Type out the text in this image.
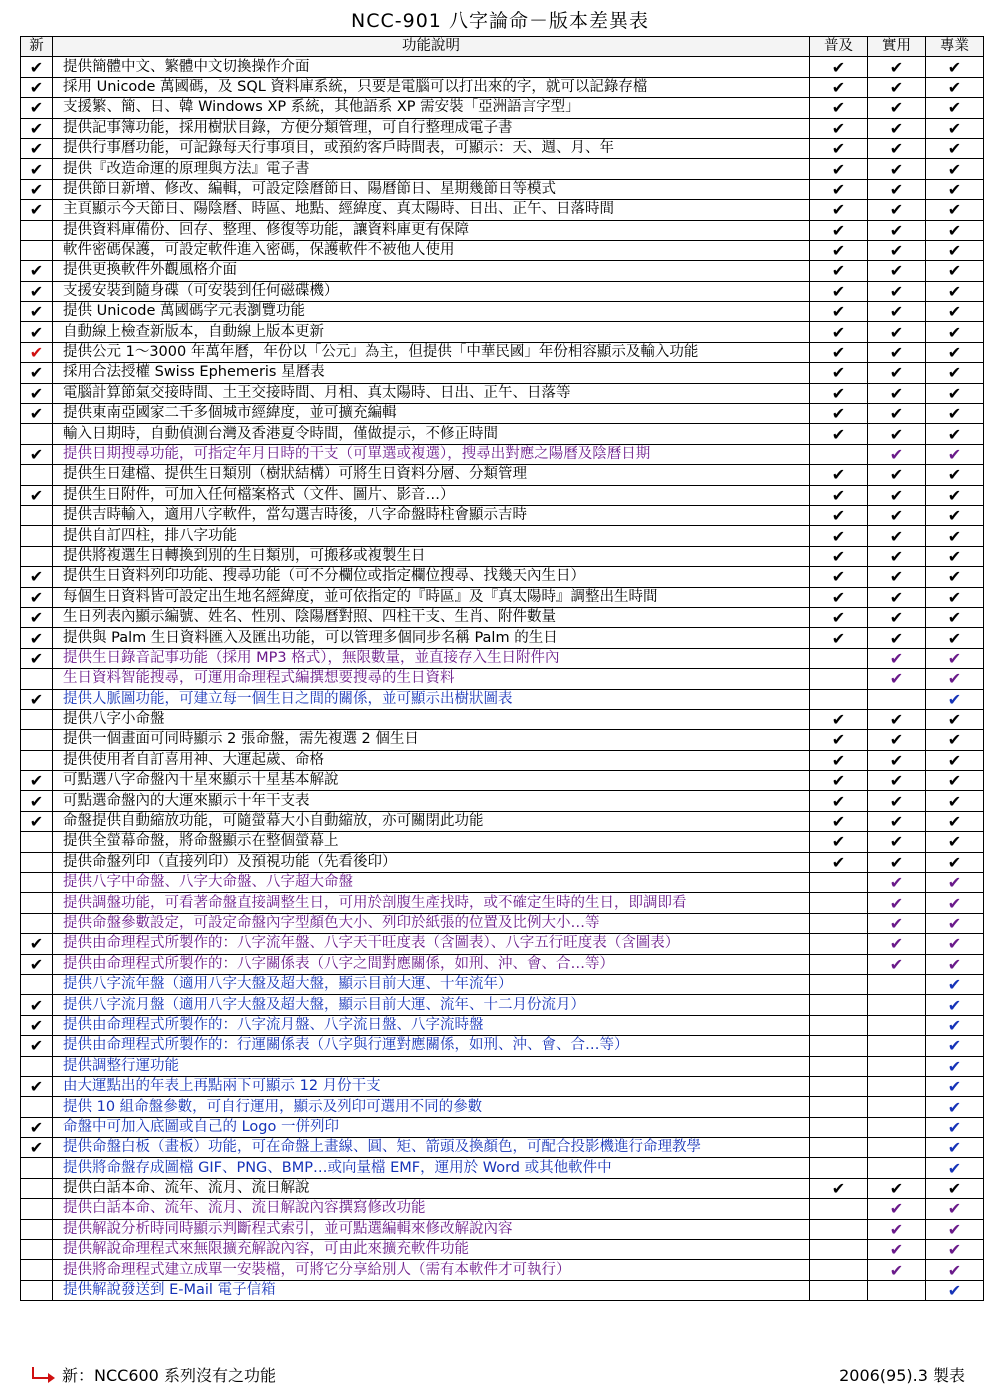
NCC-901 八字論命－版本差異表
新	功能說明	普及	實用	專業
✔	提供簡體中文、繁體中文切換操作介面	✔	✔	✔
✔	採用 Unicode 萬國碼，及 SQL 資料庫系統，只要是電腦可以打出來的字，就可以記錄存檔	✔	✔	✔
✔	支援繁、簡、日、韓 Windows XP 系統，其他語系 XP 需安裝「亞洲語言字型」	✔	✔	✔
✔	提供記事簿功能，採用樹狀目錄，方便分類管理，可自行整理成電子書	✔	✔	✔
✔	提供行事曆功能，可記錄每天行事項目，或預約客戶時間表，可顯示：天、週、月、年	✔	✔	✔
✔	提供『改造命運的原理與方法』電子書	✔	✔	✔
✔	提供節日新增、修改、編輯，可設定陰曆節日、陽曆節日、星期幾節日等模式	✔	✔	✔
✔	主頁顯示今天節日、陽陰曆、時區、地點、經緯度、真太陽時、日出、正午、日落時間	✔	✔	✔
	提供資料庫備份、回存、整理、修復等功能，讓資料庫更有保障	✔	✔	✔
	軟件密碼保護，可設定軟件進入密碼，保護軟件不被他人使用	✔	✔	✔
✔	提供更換軟件外觀風格介面	✔	✔	✔
✔	支援安裝到隨身碟（可安裝到任何磁碟機）	✔	✔	✔
✔	提供 Unicode 萬國碼字元表瀏覽功能	✔	✔	✔
✔	自動線上檢查新版本，自動線上版本更新	✔	✔	✔
✔	提供公元 1～3000 年萬年曆，年份以「公元」為主，但提供「中華民國」年份相容顯示及輸入功能	✔	✔	✔
✔	採用合法授權 Swiss Ephemeris 星曆表	✔	✔	✔
✔	電腦計算節氣交接時間、土王交接時間、月相、真太陽時、日出、正午、日落等	✔	✔	✔
✔	提供東南亞國家二千多個城市經緯度，並可擴充編輯	✔	✔	✔
	輸入日期時，自動偵測台灣及香港夏令時間，僅做提示，不修正時間	✔	✔	✔
✔	提供日期搜尋功能，可指定年月日時的干支（可單選或複選），搜尋出對應之陽曆及陰曆日期		✔	✔
	提供生日建檔、提供生日類別（樹狀結構）可將生日資料分層、分類管理	✔	✔	✔
✔	提供生日附件，可加入任何檔案格式（文件、圖片、影音…）	✔	✔	✔
	提供吉時輸入，適用八字軟件，當勾選吉時後，八字命盤時柱會顯示吉時	✔	✔	✔
	提供自訂四柱，排八字功能	✔	✔	✔
	提供將複選生日轉換到別的生日類別，可搬移或複製生日	✔	✔	✔
✔	提供生日資料列印功能、搜尋功能（可不分欄位或指定欄位搜尋、找幾天內生日）	✔	✔	✔
✔	每個生日資料皆可設定出生地名經緯度，並可依指定的『時區』及『真太陽時』調整出生時間	✔	✔	✔
✔	生日列表內顯示編號、姓名、性別、陰陽曆對照、四柱干支、生肖、附件數量	✔	✔	✔
✔	提供與 Palm 生日資料匯入及匯出功能，可以管理多個同步名稱 Palm 的生日	✔	✔	✔
✔	提供生日錄音記事功能（採用 MP3 格式），無限數量，並直接存入生日附件內		✔	✔
	生日資料智能搜尋，可運用命理程式編撰想要搜尋的生日資料		✔	✔
✔	提供人脈圖功能，可建立每一個生日之間的關係，並可顯示出樹狀圖表			✔
	提供八字小命盤	✔	✔	✔
	提供一個畫面可同時顯示 2 張命盤，需先複選 2 個生日	✔	✔	✔
	提供使用者自訂喜用神、大運起歲、命格	✔	✔	✔
✔	可點選八字命盤內十星來顯示十星基本解說	✔	✔	✔
✔	可點選命盤內的大運來顯示十年干支表	✔	✔	✔
✔	命盤提供自動縮放功能，可隨螢幕大小自動縮放，亦可關閉此功能	✔	✔	✔
	提供全螢幕命盤，將命盤顯示在整個螢幕上	✔	✔	✔
	提供命盤列印（直接列印）及預視功能（先看後印）	✔	✔	✔
	提供八字中命盤、八字大命盤、八字超大命盤		✔	✔
	提供調盤功能，可看著命盤直接調整生日，可用於剖腹生產找時，或不確定生時的生日，即調即看		✔	✔
	提供命盤參數設定，可設定命盤內字型顏色大小、列印於紙張的位置及比例大小…等		✔	✔
✔	提供由命理程式所製作的：八字流年盤、八字天干旺度表（含圖表）、八字五行旺度表（含圖表）		✔	✔
✔	提供由命理程式所製作的：八字關係表（八字之間對應關係，如刑、沖、會、合…等）		✔	✔
	提供八字流年盤（適用八字大盤及超大盤，顯示目前大運、十年流年）			✔
✔	提供八字流月盤（適用八字大盤及超大盤，顯示目前大運、流年、十二月份流月）			✔
✔	提供由命理程式所製作的：八字流月盤、八字流日盤、八字流時盤			✔
✔	提供由命理程式所製作的：行運關係表（八字與行運對應關係，如刑、沖、會、合…等）			✔
	提供調整行運功能			✔
✔	由大運點出的年表上再點兩下可顯示 12 月份干支			✔
	提供 10 組命盤參數，可自行運用，顯示及列印可選用不同的參數			✔
✔	命盤中可加入底圖或自己的 Logo 一併列印			✔
✔	提供命盤白板（畫板）功能，可在命盤上畫線、圓、矩、箭頭及換顏色，可配合投影機進行命理教學			✔
	提供將命盤存成圖檔 GIF、PNG、BMP…或向量檔 EMF，運用於 Word 或其他軟件中			✔
	提供白話本命、流年、流月、流日解說	✔	✔	✔
	提供白話本命、流年、流月、流日解說內容撰寫修改功能		✔	✔
	提供解說分析時同時顯示判斷程式索引，並可點選編輯來修改解說內容		✔	✔
	提供解說命理程式來無限擴充解說內容，可由此來擴充軟件功能		✔	✔
	提供將命理程式建立成單一安裝檔，可將它分享給別人（需有本軟件才可執行）		✔	✔
	提供解說發送到 E-Mail 電子信箱			✔
新：NCC600 系列沒有之功能	2006(95).3 製表
